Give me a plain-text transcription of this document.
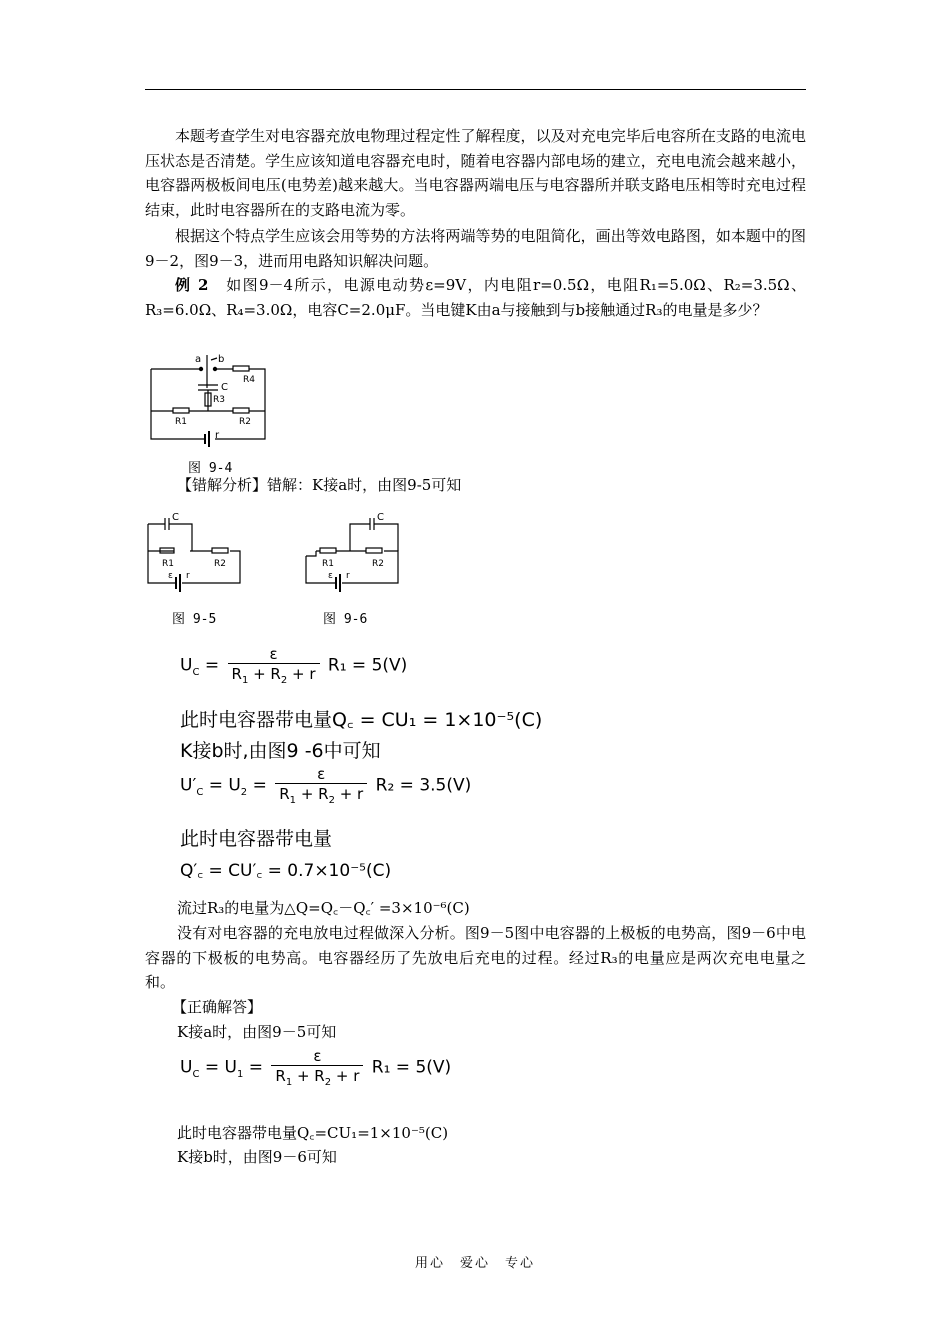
本题考查学生对电容器充放电物理过程定性了解程度，以及对充电完毕后电容所在支路的电流电压状态是否清楚。学生应该知道电容器充电时，随着电容器内部电场的建立，充电电流会越来越小，电容器两极板间电压(电势差)越来越大。当电容器两端电压与电容器所并联支路电压相等时充电过程结束，此时电容器所在的支路电流为零。
根据这个特点学生应该会用等势的方法将两端等势的电阻简化，画出等效电路图，如本题中的图9－2，图9－3，进而用电路知识解决问题。
例 2　 如图9－4所示，电源电动势ε=9V，内电阻r=0.5Ω，电阻R₁=5.0Ω、R₂=3.5Ω、R₃=6.0Ω、R₄=3.0Ω，电容C=2.0μF。当电键K由a与接触到与b接触通过R₃的电量是多少？
a b
C
R3
R4
R1	R2
r
图 9-4
【错解分析】错解：K接a时，由图9-5可知
C
R1	R2
ε r
图 9-5
C
R1	R2
ε r
图 9-6
$U_C = \frac{\varepsilon}{R_1 + R_2 + r} R_1 = 5(V)$
此时电容器带电量Q꜀ = CU₁ = 1×10⁻⁵(C)
K接b时,由图9 -6中可知
$U'_C = U_2 = \frac{\varepsilon}{R_1 + R_2 + r} R_2 = 3.5(V)$
此时电容器带电量
Q′꜀ = CU′꜀ = 0.7×10⁻⁵(C)
流过R₃的电量为△Q=Q꜀－Q꜀′ =3×10⁻⁶(C)
没有对电容器的充电放电过程做深入分析。图9－5图中电容器的上极板的电势高，图9－6中电容器的下极板的电势高。电容器经历了先放电后充电的过程。经过R₃的电量应是两次充电电量之和。
【正确解答】
K接a时，由图9－5可知
$U_C = U_1 = \frac{\varepsilon}{R_1 + R_2 + r} R_1 = 5(V)$
此时电容器带电量Q꜀=CU₁=1×10⁻⁵(C)
K接b时，由图9－6可知
用心　爱心　专心
